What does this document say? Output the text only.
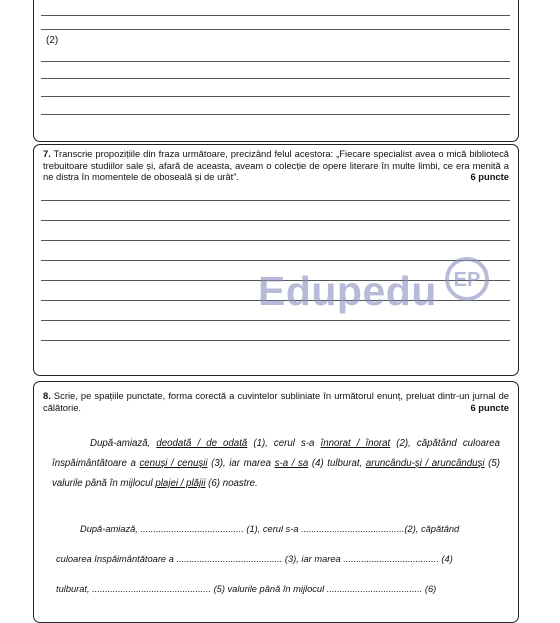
(2)
7. Transcrie propozițiile din fraza următoare, precizând felul acestora: „Fiecare specialist avea o mică bibliotecă trebuitoare studiilor sale și, afară de aceasta, aveam o colecție de opere literare în multe limbi, ce era menită a ne distra în momentele de oboseală și de urât”.	6 puncte
Edupedu EP
8. Scrie, pe spațiile punctate, forma corectă a cuvintelor subliniate în următorul enunț, preluat dintr-un jurnal de călătorie.	6 puncte
După-amiază, deodată / de odată (1), cerul s-a înnorat / înorat (2), căpătând culoarea înspăimântătoare a cenuși / cenușii (3), iar marea s-a / sa (4) tulburat, aruncându-și / aruncânduși (5) valurile până în mijlocul plajei / plăjii (6) noastre.
După-amiază, ........................................ (1), cerul s-a ........................................(2), căpătând
culoarea înspăimântătoare a ......................................... (3), iar marea ..................................... (4)
tulburat, .............................................. (5) valurile până în mijlocul ..................................... (6)
